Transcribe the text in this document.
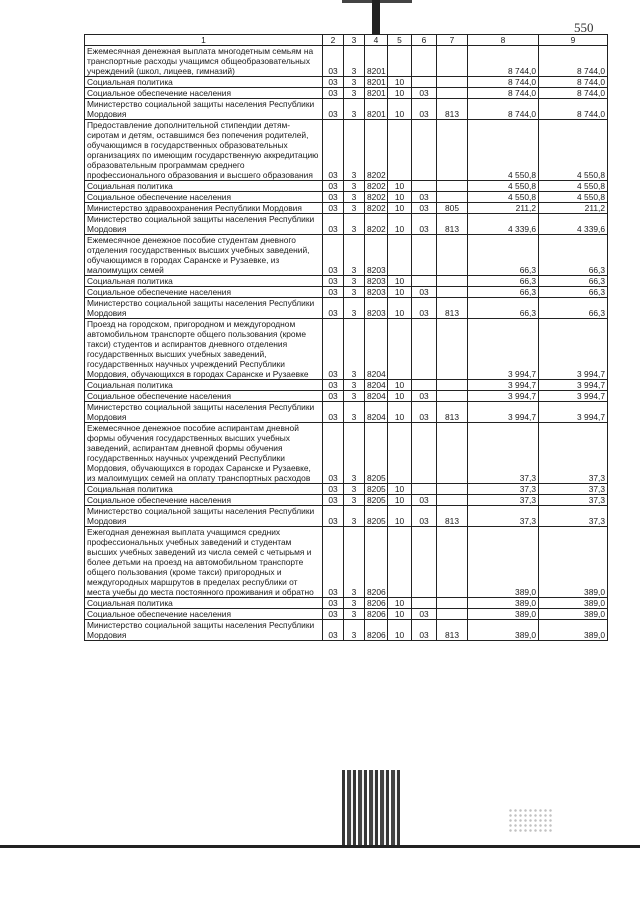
550
1	2	3	4	5	6	7	8	9
Ежемесячная денежная выплата многодетным семьям на транспортные расходы учащимся общеобразовательных учреждений (школ, лицеев, гимназий)	03	3	8201				8 744,0	8 744,0
Социальная политика	03	3	8201	10			8 744,0	8 744,0
Социальное обеспечение населения	03	3	8201	10	03		8 744,0	8 744,0
Министерство социальной защиты населения Республики Мордовия	03	3	8201	10	03	813	8 744,0	8 744,0
Предоставление дополнительной стипендии детям-сиротам и детям, оставшимся без попечения родителей, обучающимся в государственных образовательных организациях по имеющим государственную аккредитацию образовательным программам среднего профессионального образования и высшего образования	03	3	8202				4 550,8	4 550,8
Социальная политика	03	3	8202	10			4 550,8	4 550,8
Социальное обеспечение населения	03	3	8202	10	03		4 550,8	4 550,8
Министерство здравоохранения Республики Мордовия	03	3	8202	10	03	805	211,2	211,2
Министерство социальной защиты населения Республики Мордовия	03	3	8202	10	03	813	4 339,6	4 339,6
Ежемесячное денежное пособие студентам дневного отделения государственных высших учебных заведений, обучающимся в городах Саранске и Рузаевке, из малоимущих семей	03	3	8203				66,3	66,3
Социальная политика	03	3	8203	10			66,3	66,3
Социальное обеспечение населения	03	3	8203	10	03		66,3	66,3
Министерство социальной защиты населения Республики Мордовия	03	3	8203	10	03	813	66,3	66,3
Проезд на городском, пригородном и междугородном автомобильном транспорте общего пользования (кроме такси) студентов и аспирантов дневного отделения государственных высших учебных заведений, государственных научных учреждений Республики Мордовия, обучающихся в городах Саранске и Рузаевке	03	3	8204				3 994,7	3 994,7
Социальная политика	03	3	8204	10			3 994,7	3 994,7
Социальное обеспечение населения	03	3	8204	10	03		3 994,7	3 994,7
Министерство социальной защиты населения Республики Мордовия	03	3	8204	10	03	813	3 994,7	3 994,7
Ежемесячное денежное пособие аспирантам дневной формы обучения государственных высших учебных заведений, аспирантам дневной формы обучения государственных научных учреждений Республики Мордовия, обучающихся в городах Саранске и Рузаевке, из малоимущих семей на оплату транспортных расходов	03	3	8205				37,3	37,3
Социальная политика	03	3	8205	10			37,3	37,3
Социальное обеспечение населения	03	3	8205	10	03		37,3	37,3
Министерство социальной защиты населения Республики Мордовия	03	3	8205	10	03	813	37,3	37,3
Ежегодная денежная выплата учащимся средних профессиональных учебных заведений и студентам высших учебных заведений из числа семей с четырьмя и более детьми на проезд на автомобильном транспорте общего пользования (кроме такси) пригородных и междугородных маршрутов в пределах республики от места учебы до места постоянного проживания и обратно	03	3	8206				389,0	389,0
Социальная политика	03	3	8206	10			389,0	389,0
Социальное обеспечение населения	03	3	8206	10	03		389,0	389,0
Министерство социальной защиты населения Республики Мордовия	03	3	8206	10	03	813	389,0	389,0
